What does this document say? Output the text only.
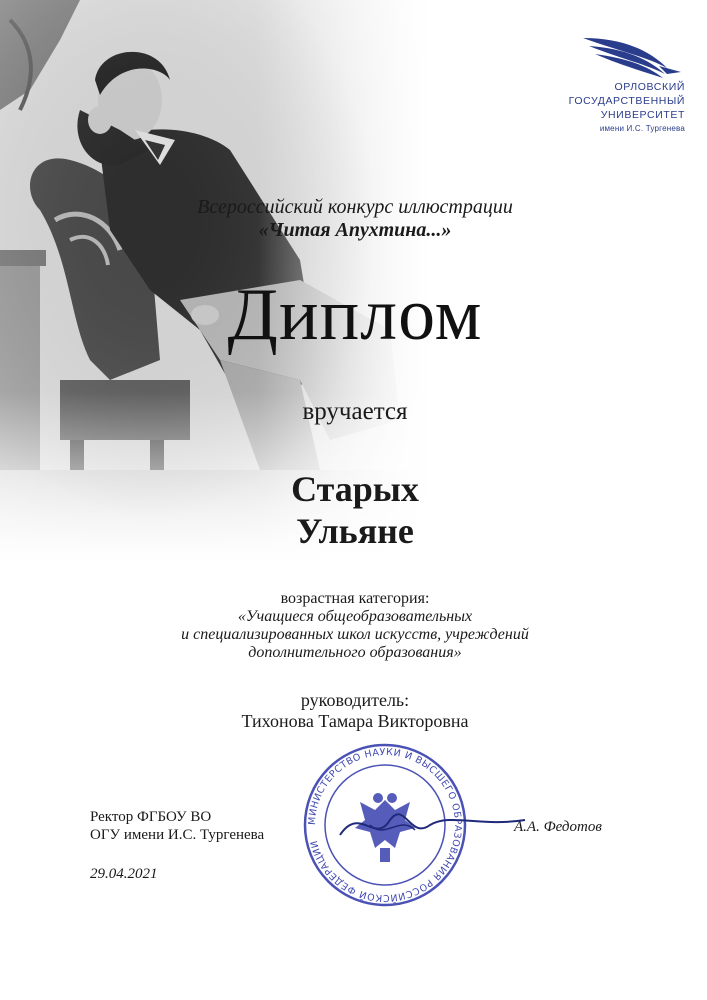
ОРЛОВСКИЙ
ГОСУДАРСТВЕННЫЙ
УНИВЕРСИТЕТ
имени И.С. Тургенева
Всероссийский конкурс иллюстрации
«Читая Апухтина...»
Диплом
вручается
Старых
Ульяне
возрастная категория:
«Учащиеся общеобразовательных
и специализированных школ искусств, учреждений
дополнительного образования»
руководитель:
Тихонова Тамара Викторовна
МИНИСТЕРСТВО НАУКИ И ВЫСШЕГО ОБРАЗОВАНИЯ РОССИЙСКОЙ ФЕДЕРАЦИИ
Ректор ФГБОУ ВО
ОГУ имени И.С. Тургенева	А.А. Федотов
29.04.2021
